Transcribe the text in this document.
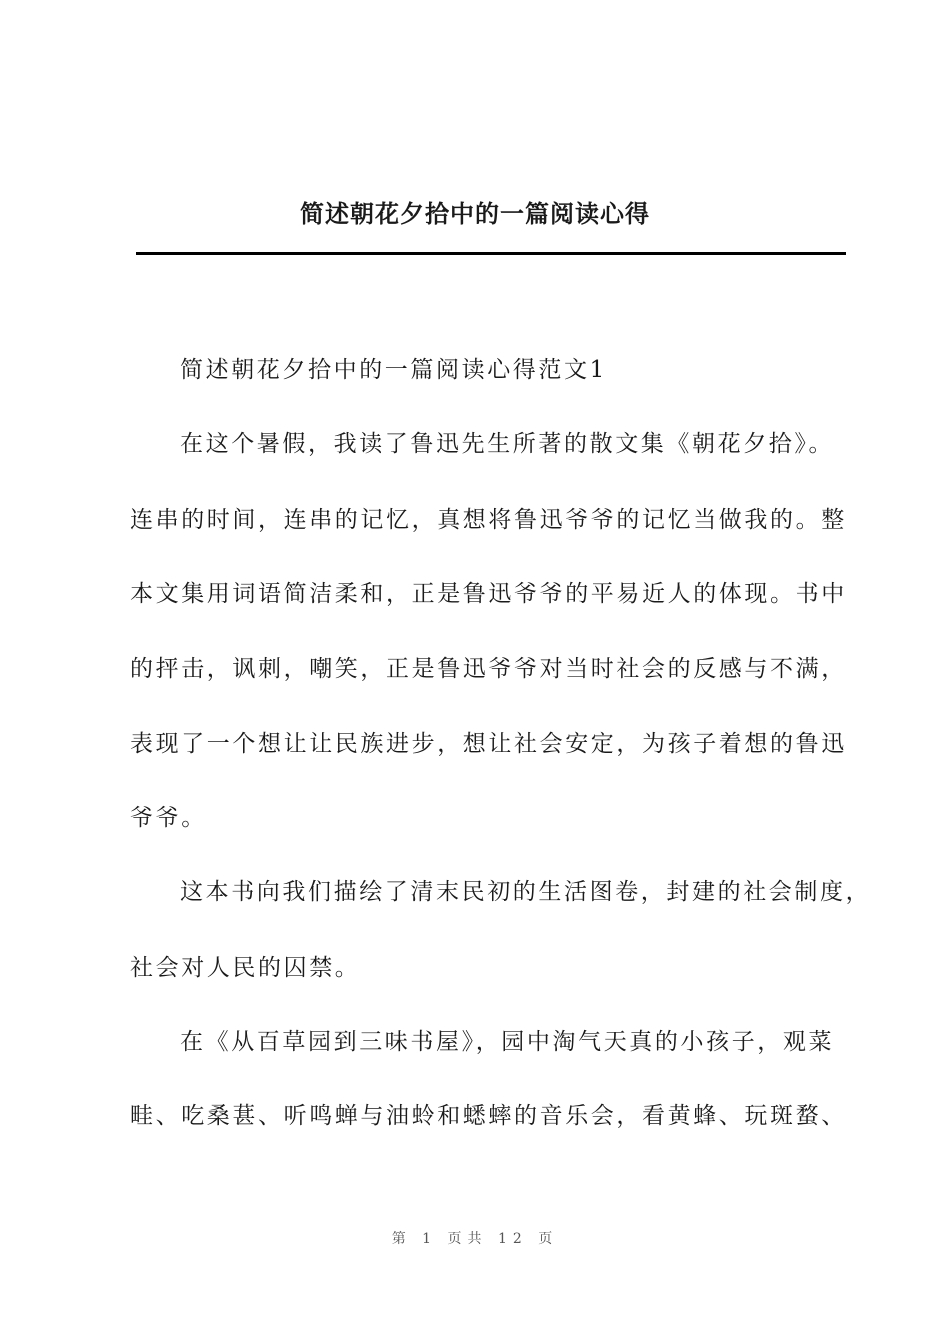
简述朝花夕拾中的一篇阅读心得
简述朝花夕拾中的一篇阅读心得范文1
在这个暑假，我读了鲁迅先生所著的散文集《朝花夕拾》。
连串的时间，连串的记忆，真想将鲁迅爷爷的记忆当做我的。整
本文集用词语简洁柔和，正是鲁迅爷爷的平易近人的体现。书中
的抨击，讽刺，嘲笑，正是鲁迅爷爷对当时社会的反感与不满，
表现了一个想让让民族进步，想让社会安定，为孩子着想的鲁迅
爷爷。
这本书向我们描绘了清末民初的生活图卷，封建的社会制度，
社会对人民的囚禁。
在《从百草园到三味书屋》，园中淘气天真的小孩子，观菜
畦、吃桑葚、听鸣蝉与油蛉和蟋蟀的音乐会，看黄蜂、玩斑蝥、
第 1 页共 12 页
